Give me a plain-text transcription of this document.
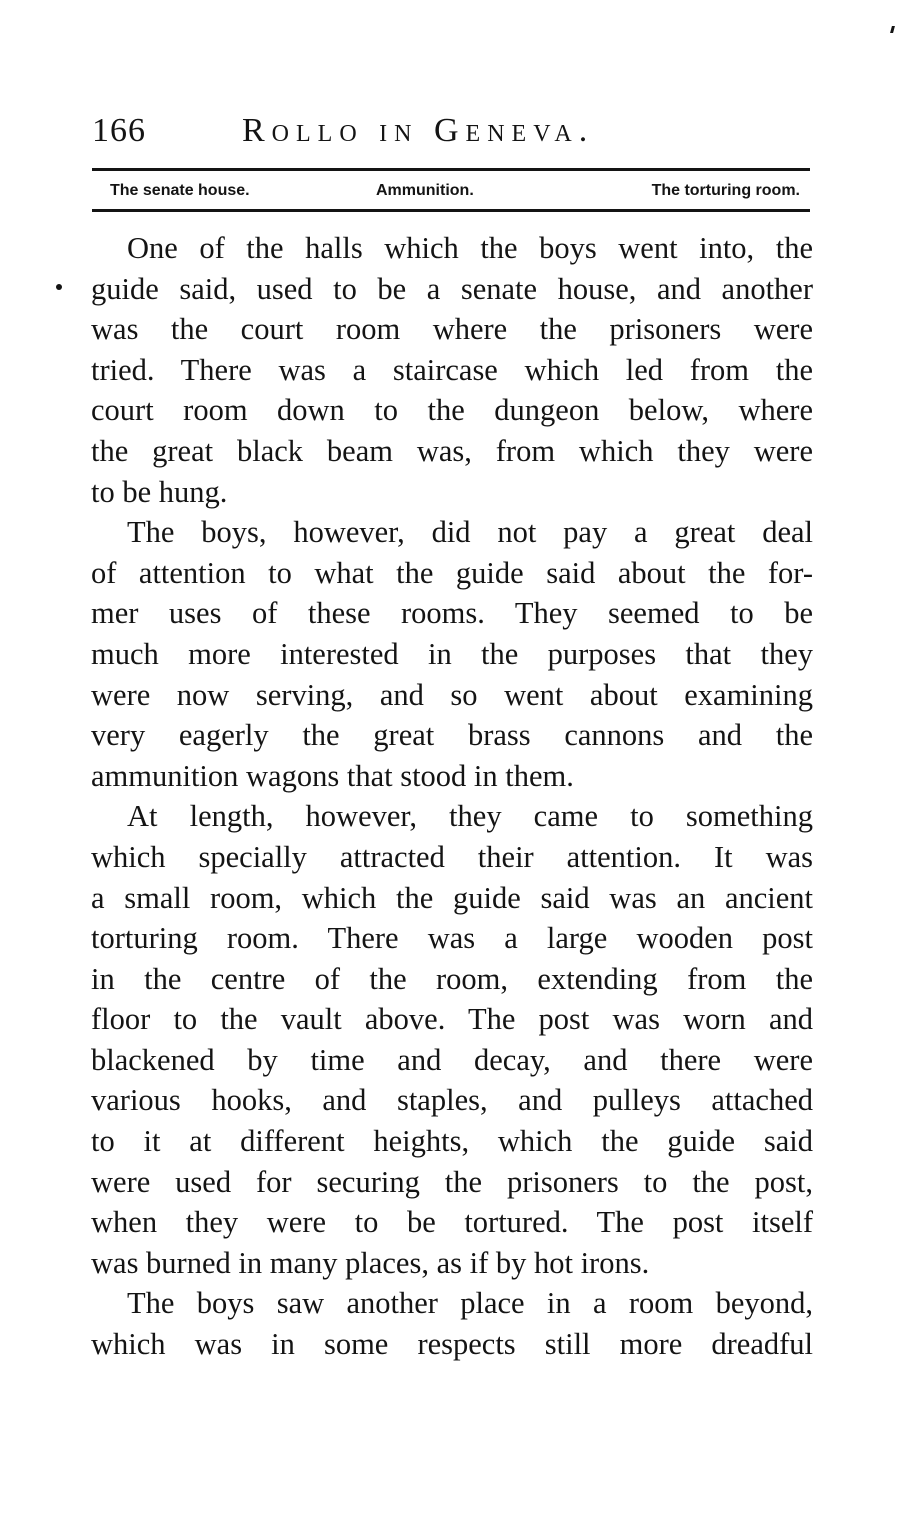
166	Rollo in Geneva.
The senate house.	Ammunition.	The torturing room.
One of the halls which the boys went into, the
guide said, used to be a senate house, and another
was the court room where the prisoners were
tried. There was a staircase which led from the
court room down to the dungeon below, where
the great black beam was, from which they were
to be hung.
The boys, however, did not pay a great deal
of attention to what the guide said about the for-
mer uses of these rooms. They seemed to be
much more interested in the purposes that they
were now serving, and so went about examining
very eagerly the great brass cannons and the
ammunition wagons that stood in them.
At length, however, they came to something
which specially attracted their attention. It was
a small room, which the guide said was an ancient
torturing room. There was a large wooden post
in the centre of the room, extending from the
floor to the vault above. The post was worn and
blackened by time and decay, and there were
various hooks, and staples, and pulleys attached
to it at different heights, which the guide said
were used for securing the prisoners to the post,
when they were to be tortured. The post itself
was burned in many places, as if by hot irons.
The boys saw another place in a room beyond,
which was in some respects still more dreadful
